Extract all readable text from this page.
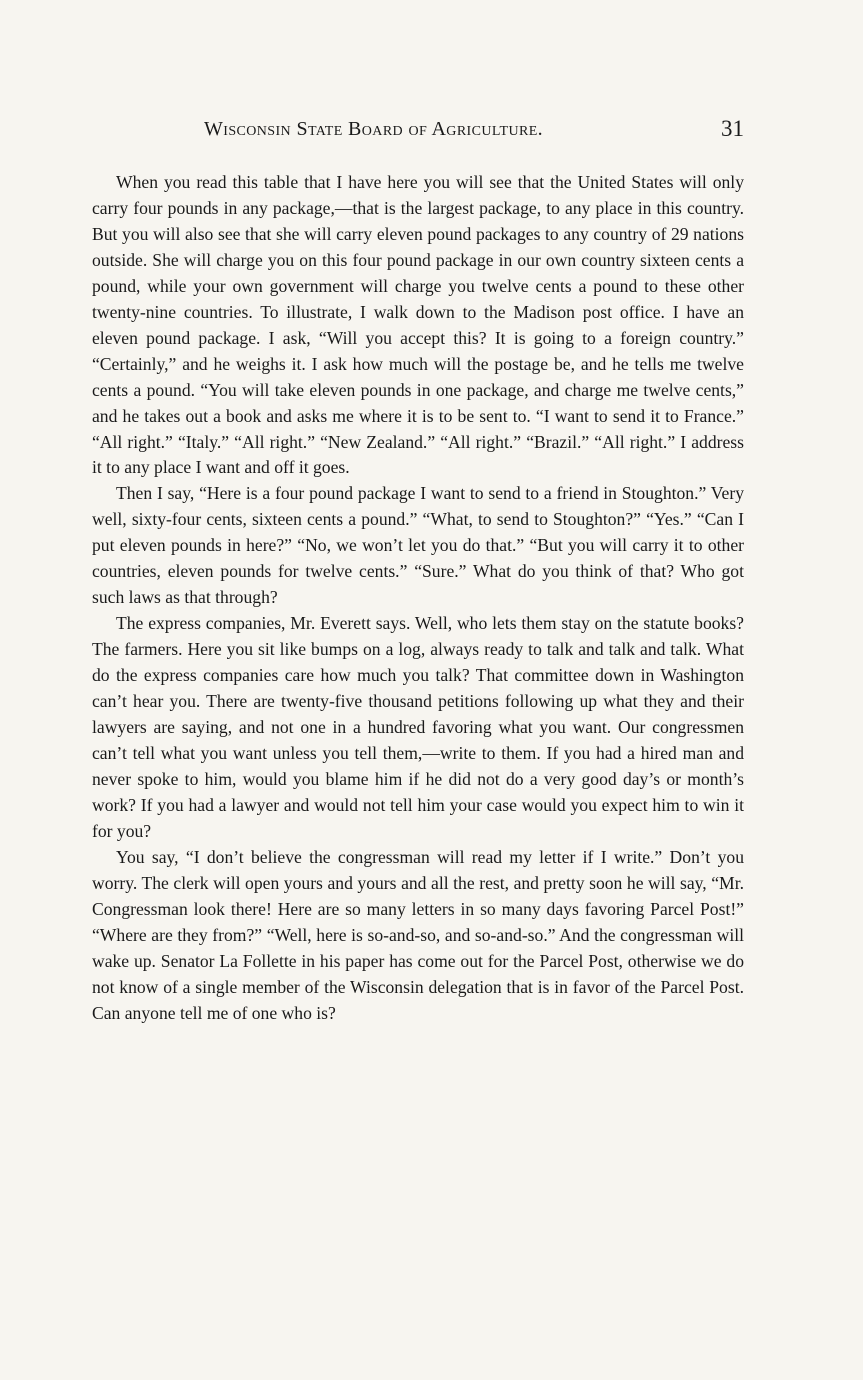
Wisconsin State Board of Agriculture.	31

When you read this table that I have here you will see that the United States will only carry four pounds in any package,—that is the largest package, to any place in this country. But you will also see that she will carry eleven pound packages to any country of 29 nations outside. She will charge you on this four pound package in our own country sixteen cents a pound, while your own government will charge you twelve cents a pound to these other twenty-nine countries. To illustrate, I walk down to the Madison post office. I have an eleven pound package. I ask, “Will you accept this? It is going to a foreign country.” “Certainly,” and he weighs it. I ask how much will the postage be, and he tells me twelve cents a pound. “You will take eleven pounds in one package, and charge me twelve cents,” and he takes out a book and asks me where it is to be sent to. “I want to send it to France.” “All right.” “Italy.” “All right.” “New Zealand.” “All right.” “Brazil.” “All right.” I address it to any place I want and off it goes.

Then I say, “Here is a four pound package I want to send to a friend in Stoughton.” Very well, sixty-four cents, sixteen cents a pound.” “What, to send to Stoughton?” “Yes.” “Can I put eleven pounds in here?” “No, we won’t let you do that.” “But you will carry it to other countries, eleven pounds for twelve cents.” “Sure.” What do you think of that? Who got such laws as that through?

The express companies, Mr. Everett says. Well, who lets them stay on the statute books? The farmers. Here you sit like bumps on a log, always ready to talk and talk and talk. What do the express companies care how much you talk? That committee down in Washington can’t hear you. There are twenty-five thousand petitions following up what they and their lawyers are saying, and not one in a hundred favoring what you want. Our congressmen can’t tell what you want unless you tell them,—write to them. If you had a hired man and never spoke to him, would you blame him if he did not do a very good day’s or month’s work? If you had a lawyer and would not tell him your case would you expect him to win it for you?

You say, “I don’t believe the congressman will read my letter if I write.” Don’t you worry. The clerk will open yours and yours and all the rest, and pretty soon he will say, “Mr. Congressman look there! Here are so many letters in so many days favoring Parcel Post!” “Where are they from?” “Well, here is so-and-so, and so-and-so.” And the congressman will wake up. Senator La Follette in his paper has come out for the Parcel Post, otherwise we do not know of a single member of the Wisconsin delegation that is in favor of the Parcel Post. Can anyone tell me of one who is?
